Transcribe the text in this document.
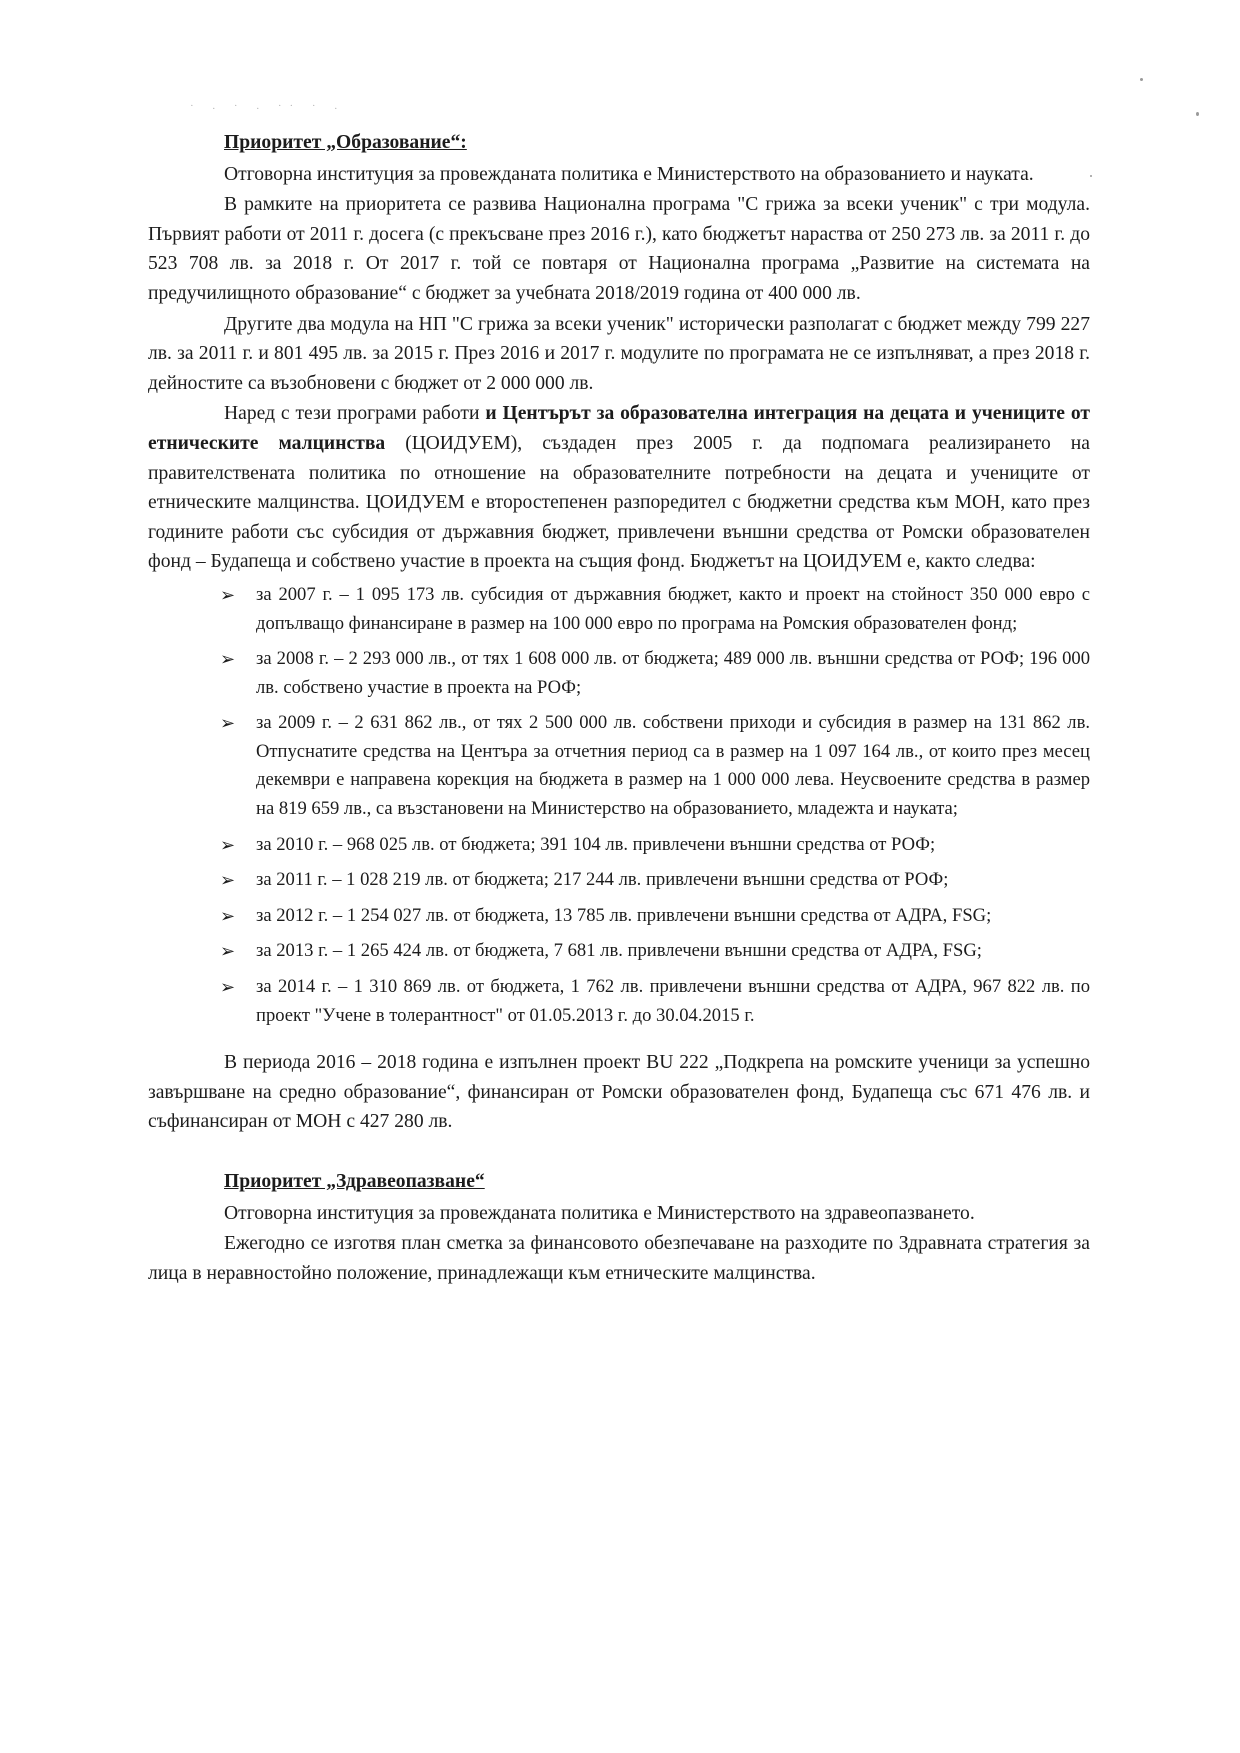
· . · . ·· · .

Приоритет „Образование“:

Отговорна институция за провежданата политика е Министерството на образованието и науката.

В рамките на приоритета се развива Национална програма "С грижа за всеки ученик" с три модула. Първият работи от 2011 г. досега (с прекъсване през 2016 г.), като бюджетът нараства от 250 273 лв. за 2011 г. до 523 708 лв. за 2018 г. От 2017 г. той се повтаря от Национална програма „Развитие на системата на предучилищното образование“ с бюджет за учебната 2018/2019 година от 400 000 лв.

Другите два модула на НП "С грижа за всеки ученик" исторически разполагат с бюджет между 799 227 лв. за 2011 г. и 801 495 лв. за 2015 г. През 2016 и 2017 г. модулите по програмата не се изпълняват, а през 2018 г. дейностите са възобновени с бюджет от 2 000 000 лв.

Наред с тези програми работи и Центърът за образователна интеграция на децата и учениците от етническите малцинства (ЦОИДУЕМ), създаден през 2005 г. да подпомага реализирането на правителствената политика по отношение на образователните потребности на децата и учениците от етническите малцинства. ЦОИДУЕМ е второстепенен разпоредител с бюджетни средства към МОН, като през годините работи със субсидия от държавния бюджет, привлечени външни средства от Ромски образователен фонд – Будапеща и собствено участие в проекта на същия фонд. Бюджетът на ЦОИДУЕМ е, както следва:

➢ за 2007 г. – 1 095 173 лв. субсидия от държавния бюджет, както и проект на стойност 350 000 евро с допълващо финансиране в размер на 100 000 евро по програма на Ромския образователен фонд;
➢ за 2008 г. – 2 293 000 лв., от тях 1 608 000 лв. от бюджета; 489 000 лв. външни средства от РОФ; 196 000 лв. собствено участие в проекта на РОФ;
➢ за 2009 г. – 2 631 862 лв., от тях 2 500 000 лв. собствени приходи и субсидия в размер на 131 862 лв. Отпуснатите средства на Центъра за отчетния период са в размер на 1 097 164 лв., от които през месец декември е направена корекция на бюджета в размер на 1 000 000 лева. Неусвоените средства в размер на 819 659 лв., са възстановени на Министерство на образованието, младежта и науката;
➢ за 2010 г. – 968 025 лв. от бюджета; 391 104 лв. привлечени външни средства от РОФ;
➢ за 2011 г. – 1 028 219 лв. от бюджета; 217 244 лв. привлечени външни средства от РОФ;
➢ за 2012 г. – 1 254 027 лв. от бюджета, 13 785 лв. привлечени външни средства от АДРА, FSG;
➢ за 2013 г. – 1 265 424 лв. от бюджета, 7 681 лв. привлечени външни средства от АДРА, FSG;
➢ за 2014 г. – 1 310 869 лв. от бюджета, 1 762 лв. привлечени външни средства от АДРА, 967 822 лв. по проект "Учене в толерантност" от 01.05.2013 г. до 30.04.2015 г.

В периода 2016 – 2018 година е изпълнен проект BU 222 „Подкрепа на ромските ученици за успешно завършване на средно образование“, финансиран от Ромски образователен фонд, Будапеща със 671 476 лв. и съфинансиран от МОН с 427 280 лв.

Приоритет „Здравеопазване“

Отговорна институция за провежданата политика е Министерството на здравеопазването.

Ежегодно се изготвя план сметка за финансовото обезпечаване на разходите по Здравната стратегия за лица в неравностойно положение, принадлежащи към етническите малцинства.
